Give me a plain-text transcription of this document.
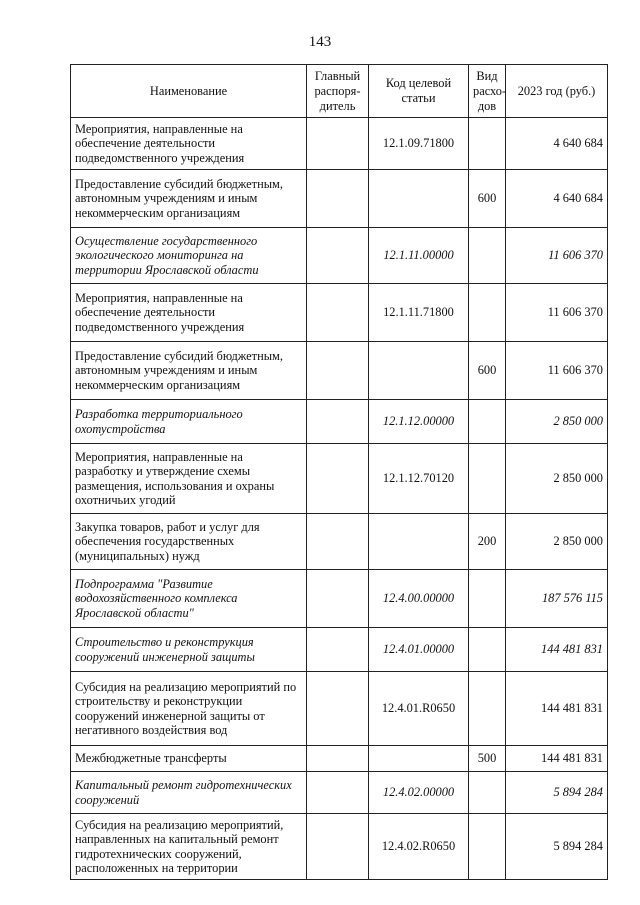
143
Наименование	Главный распоря-дитель	Код целевой статьи	Вид расхо-дов	2023 год (руб.)
Мероприятия, направленные на обеспечение деятельности подведомственного учреждения		12.1.09.71800		4 640 684
Предоставление субсидий бюджетным, автономным учреждениям и иным некоммерческим организациям			600	4 640 684
Осуществление государственного экологического мониторинга на территории Ярославской области		12.1.11.00000		11 606 370
Мероприятия, направленные на обеспечение деятельности подведомственного учреждения		12.1.11.71800		11 606 370
Предоставление субсидий бюджетным, автономным учреждениям и иным некоммерческим организациям			600	11 606 370
Разработка территориального охотустройства		12.1.12.00000		2 850 000
Мероприятия, направленные на разработку и утверждение схемы размещения, использования и охраны охотничьих угодий		12.1.12.70120		2 850 000
Закупка товаров, работ и услуг для обеспечения государственных (муниципальных) нужд			200	2 850 000
Подпрограмма "Развитие водохозяйственного комплекса Ярославской области"		12.4.00.00000		187 576 115
Строительство и реконструкция сооружений инженерной защиты		12.4.01.00000		144 481 831
Субсидия на реализацию мероприятий по строительству и реконструкции сооружений инженерной защиты от негативного воздействия вод		12.4.01.R0650		144 481 831
Межбюджетные трансферты			500	144 481 831
Капитальный ремонт гидротехнических сооружений		12.4.02.00000		5 894 284
Субсидия на реализацию мероприятий, направленных на капитальный ремонт гидротехнических сооружений, расположенных на территории		12.4.02.R0650		5 894 284
